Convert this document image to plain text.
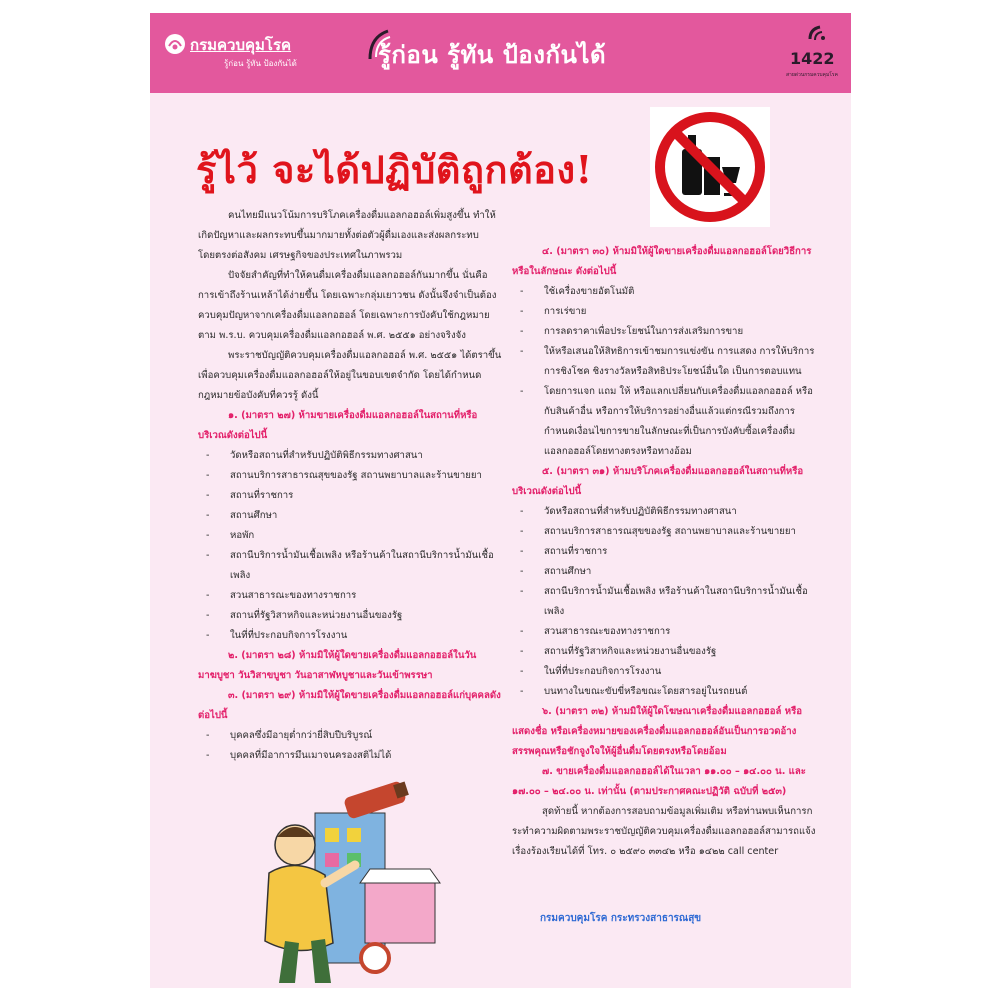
กรมควบคุมโรค
รู้ก่อน รู้ทัน ป้องกันได้	รู้ก่อน รู้ทัน ป้องกันได้	1422
สายด่วนกรมควบคุมโรค
รู้ไว้ จะได้ปฏิบัติถูกต้อง!

คนไทยมีแนวโน้มการบริโภคเครื่องดื่มแอลกอฮอล์เพิ่มสูงขึ้น ทำให้เกิดปัญหาและผลกระทบขึ้นมากมายทั้งต่อตัวผู้ดื่มเองและส่งผลกระทบโดยตรงต่อสังคม เศรษฐกิจของประเทศในภาพรวม

ปัจจัยสำคัญที่ทำให้คนดื่มเครื่องดื่มแอลกอฮอล์กันมากขึ้น นั่นคือ การเข้าถึงร้านเหล้าได้ง่ายขึ้น โดยเฉพาะกลุ่มเยาวชน ดังนั้นจึงจำเป็นต้อง ควบคุมปัญหาจากเครื่องดื่มแอลกอฮอล์ โดยเฉพาะการบังคับใช้กฎหมายตาม พ.ร.บ. ควบคุมเครื่องดื่มแอลกอฮอล์ พ.ศ. ๒๕๕๑ อย่างจริงจัง

พระราชบัญญัติควบคุมเครื่องดื่มแอลกอฮอล์ พ.ศ. ๒๕๕๑ ได้ตราขึ้นเพื่อควบคุมเครื่องดื่มแอลกอฮอล์ให้อยู่ในขอบเขตจำกัด โดยได้กำหนดกฎหมายข้อบังคับที่ควรรู้ ดังนี้

๑. (มาตรา ๒๗) ห้ามขายเครื่องดื่มแอลกอฮอล์ในสถานที่หรือบริเวณดังต่อไปนี้

- วัดหรือสถานที่สำหรับปฏิบัติพิธีกรรมทางศาสนา

- สถานบริการสาธารณสุขของรัฐ สถานพยาบาลและร้านขายยา

- สถานที่ราชการ

- สถานศึกษา

- หอพัก

- สถานีบริการน้ำมันเชื้อเพลิง หรือร้านค้าในสถานีบริการน้ำมันเชื้อเพลิง

- สวนสาธารณะของทางราชการ

- สถานที่รัฐวิสาหกิจและหน่วยงานอื่นของรัฐ

- ในที่ที่ประกอบกิจการโรงงาน

๒. (มาตรา ๒๘) ห้ามมิให้ผู้ใดขายเครื่องดื่มแอลกอฮอล์ในวันมาฆบูชา วันวิสาขบูชา วันอาสาฬหบูชาและวันเข้าพรรษา

๓. (มาตรา ๒๙) ห้ามมิให้ผู้ใดขายเครื่องดื่มแอลกอฮอล์แก่บุคคลดังต่อไปนี้

- บุคคลซึ่งมีอายุต่ำกว่ายี่สิบปีบริบูรณ์

- บุคคลที่มีอาการมึนเมาจนครองสติไม่ได้

๔. (มาตรา ๓๐) ห้ามมิให้ผู้ใดขายเครื่องดื่มแอลกอฮอล์โดยวิธีการหรือในลักษณะ ดังต่อไปนี้

- ใช้เครื่องขายอัตโนมัติ

- การเร่ขาย

- การลดราคาเพื่อประโยชน์ในการส่งเสริมการขาย

- ให้หรือเสนอให้สิทธิการเข้าชมการแข่งขัน การแสดง การให้บริการ การชิงโชค ชิงรางวัลหรือสิทธิประโยชน์อื่นใด เป็นการตอบแทน

- โดยการแจก แถม ให้ หรือแลกเปลี่ยนกับเครื่องดื่มแอลกอฮอล์ หรือกับสินค้าอื่น หรือการให้บริการอย่างอื่นแล้วแต่กรณีรวมถึงการกำหนดเงื่อนไขการขายในลักษณะที่เป็นการบังคับซื้อเครื่องดื่มแอลกอฮอล์โดยทางตรงหรือทางอ้อม

๕. (มาตรา ๓๑) ห้ามบริโภคเครื่องดื่มแอลกอฮอล์ในสถานที่หรือบริเวณดังต่อไปนี้

- วัดหรือสถานที่สำหรับปฏิบัติพิธีกรรมทางศาสนา

- สถานบริการสาธารณสุขของรัฐ สถานพยาบาลและร้านขายยา

- สถานที่ราชการ

- สถานศึกษา

- สถานีบริการน้ำมันเชื้อเพลิง หรือร้านค้าในสถานีบริการน้ำมันเชื้อเพลิง

- สวนสาธารณะของทางราชการ

- สถานที่รัฐวิสาหกิจและหน่วยงานอื่นของรัฐ

- ในที่ที่ประกอบกิจการโรงงาน

- บนทางในขณะขับขี่หรือขณะโดยสารอยู่ในรถยนต์

๖. (มาตรา ๓๒) ห้ามมิให้ผู้ใดโฆษณาเครื่องดื่มแอลกอฮอล์ หรือแสดงชื่อ หรือเครื่องหมายของเครื่องดื่มแอลกอฮอล์อันเป็นการอวดอ้างสรรพคุณหรือชักจูงใจให้ผู้อื่นดื่มโดยตรงหรือโดยอ้อม

๗. ขายเครื่องดื่มแอลกอฮอล์ได้ในเวลา ๑๑.๐๐ – ๑๔.๐๐ น. และ ๑๗.๐๐ – ๒๔.๐๐ น. เท่านั้น (ตามประกาศคณะปฏิวัติ ฉบับที่ ๒๕๓)

สุดท้ายนี้ หากต้องการสอบถามข้อมูลเพิ่มเติม หรือท่านพบเห็นการกระทำความผิดตามพระราชบัญญัติควบคุมเครื่องดื่มแอลกอฮอล์สามารถแจ้งเรื่องร้องเรียนได้ที่ โทร. ๐ ๒๕๙๐ ๓๓๔๒ หรือ ๑๔๒๒ call center

กรมควบคุมโรค กระทรวงสาธารณสุข
